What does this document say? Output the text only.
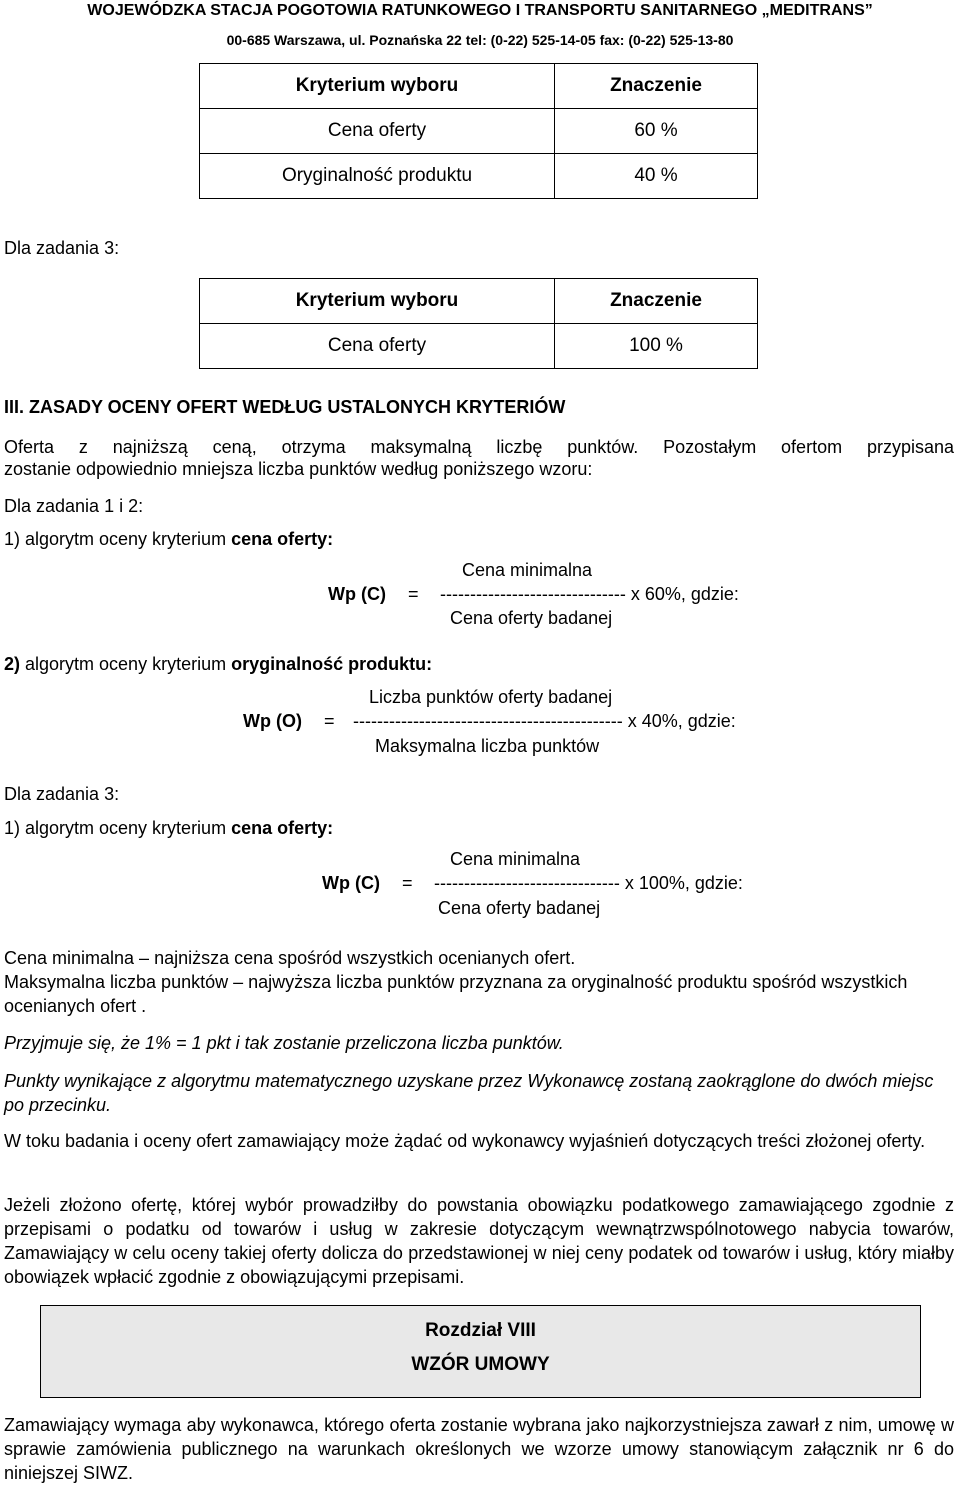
WOJEWÓDZKA STACJA POGOTOWIA RATUNKOWEGO I TRANSPORTU SANITARNEGO „MEDITRANS”
00-685 Warszawa, ul. Poznańska 22 tel: (0-22) 525-14-05 fax: (0-22) 525-13-80
Kryterium wyboru	Znaczenie
Cena oferty	60 %
Oryginalność produktu	40 %
Dla zadania 3:
Kryterium wyboru	Znaczenie
Cena oferty	100 %
III. ZASADY OCENY OFERT WEDŁUG USTALONYCH KRYTERIÓW
Oferta z najniższą ceną, otrzyma maksymalną liczbę punktów. Pozostałym ofertom przypisana
zostanie odpowiednio mniejsza liczba punktów według poniższego wzoru:
Dla zadania 1 i 2:
1) algorytm oceny kryterium cena oferty:
Cena minimalna
Wp (C) = ------------------------------- x 60%, gdzie:
Cena oferty badanej
2) algorytm oceny kryterium oryginalność produktu:
Liczba punktów oferty badanej
Wp (O) = --------------------------------------------- x 40%, gdzie:
Maksymalna liczba punktów
Dla zadania 3:
1) algorytm oceny kryterium cena oferty:
Cena minimalna
Wp (C) = ------------------------------- x 100%, gdzie:
Cena oferty badanej
Cena minimalna – najniższa cena spośród wszystkich ocenianych ofert.
Maksymalna liczba punktów – najwyższa liczba punktów przyznana za oryginalność produktu spośród wszystkich ocenianych ofert .
Przyjmuje się, że 1% = 1 pkt i tak zostanie przeliczona liczba punktów.
Punkty wynikające z algorytmu matematycznego uzyskane przez Wykonawcę zostaną zaokrąglone do dwóch miejsc po przecinku.
W toku badania i oceny ofert zamawiający może żądać od wykonawcy wyjaśnień dotyczących treści złożonej oferty.
Jeżeli złożono ofertę, której wybór prowadziłby do powstania obowiązku podatkowego zamawiającego zgodnie z przepisami o podatku od towarów i usług w zakresie dotyczącym wewnątrzwspólnotowego nabycia towarów, Zamawiający w celu oceny takiej oferty dolicza do przedstawionej w niej ceny podatek od towarów i usług, który miałby obowiązek wpłacić zgodnie z obowiązującymi przepisami.
Rozdział VIII
WZÓR UMOWY
Zamawiający wymaga aby wykonawca, którego oferta zostanie wybrana jako najkorzystniejsza zawarł z nim, umowę w sprawie zamówienia publicznego na warunkach określonych we wzorze umowy stanowiącym załącznik nr 6 do niniejszej SIWZ.
